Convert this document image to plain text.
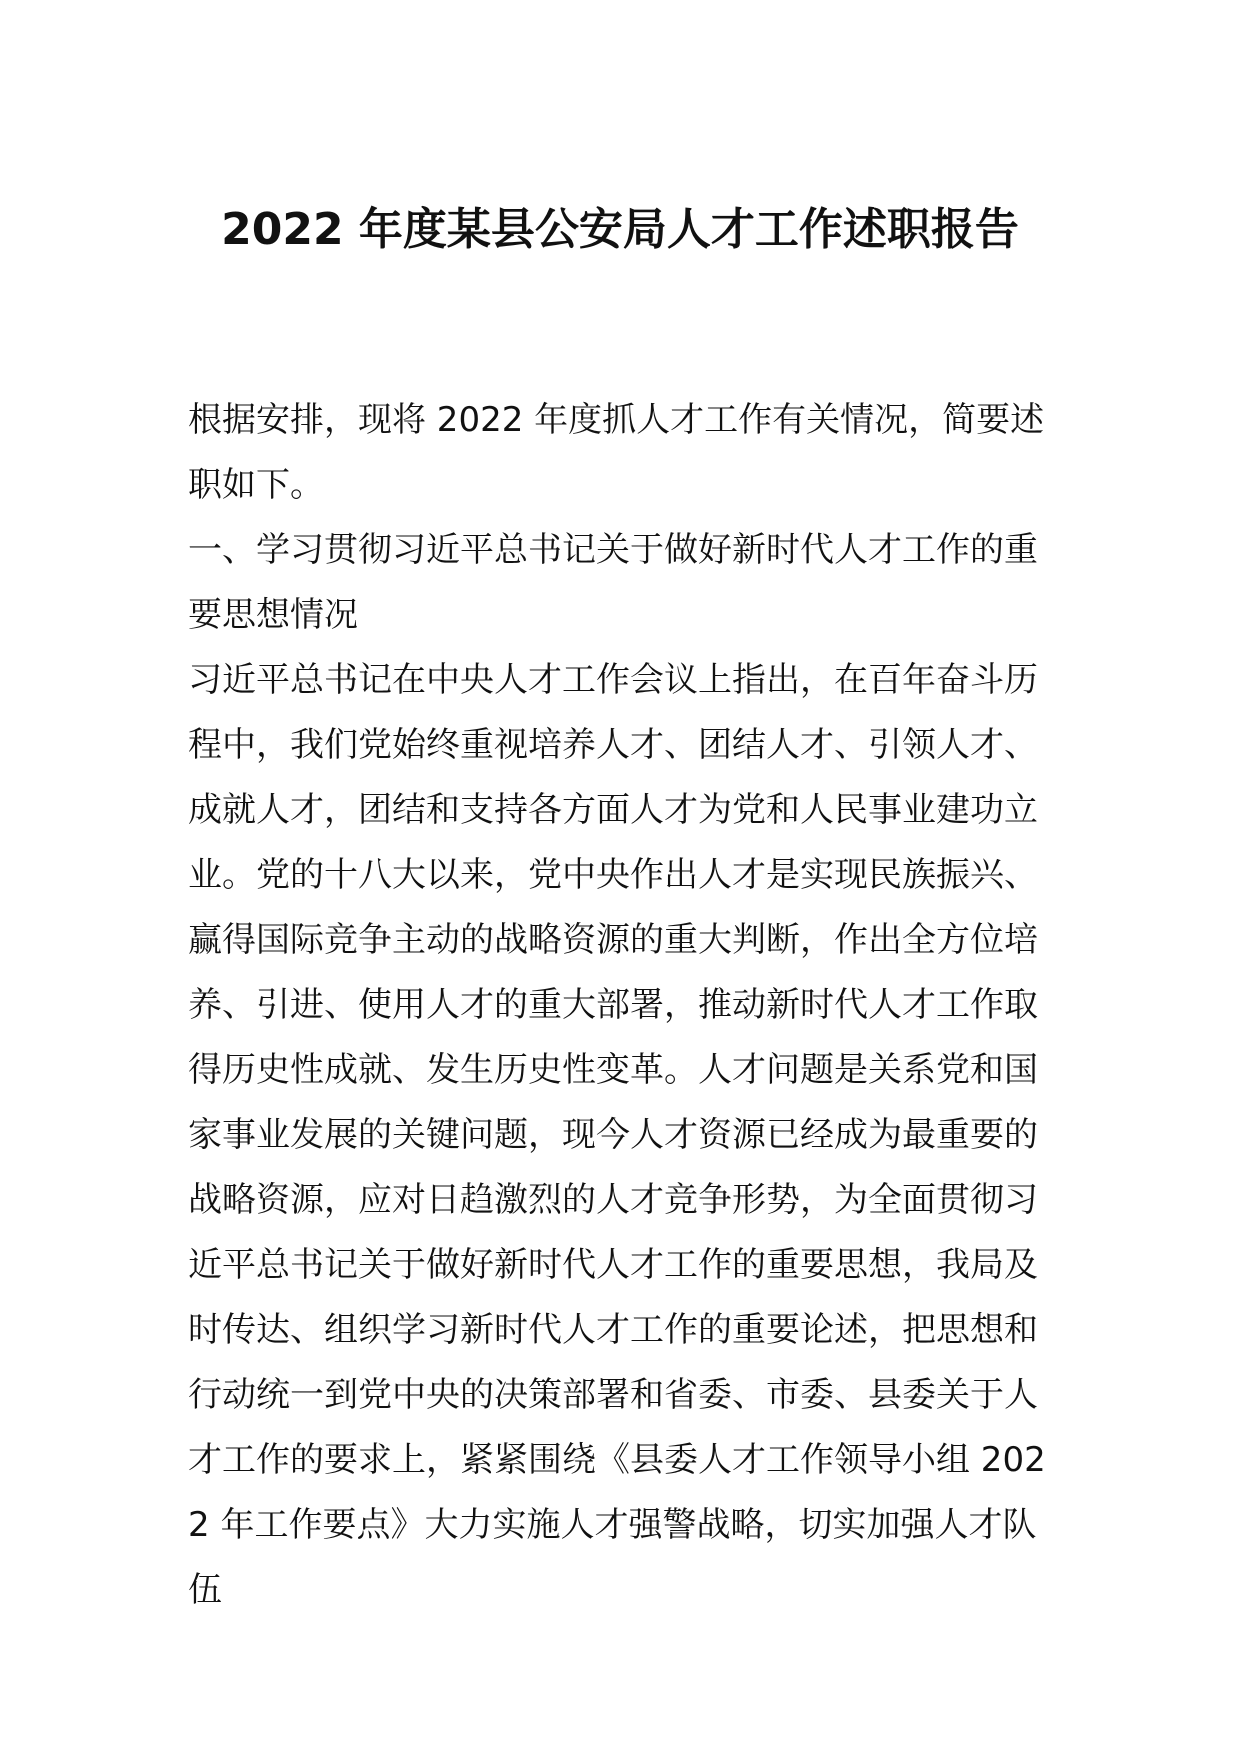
2022 年度某县公安局人才工作述职报告

根据安排，现将 2022 年度抓人才工作有关情况，简要述职如下。

一、学习贯彻习近平总书记关于做好新时代人才工作的重要思想情况

习近平总书记在中央人才工作会议上指出，在百年奋斗历程中，我们党始终重视培养人才、团结人才、引领人才、成就人才，团结和支持各方面人才为党和人民事业建功立业。党的十八大以来，党中央作出人才是实现民族振兴、赢得国际竞争主动的战略资源的重大判断，作出全方位培养、引进、使用人才的重大部署，推动新时代人才工作取得历史性成就、发生历史性变革。人才问题是关系党和国家事业发展的关键问题，现今人才资源已经成为最重要的战略资源，应对日趋激烈的人才竞争形势，为全面贯彻习近平总书记关于做好新时代人才工作的重要思想，我局及时传达、组织学习新时代人才工作的重要论述，把思想和行动统一到党中央的决策部署和省委、市委、县委关于人才工作的要求上，紧紧围绕《县委人才工作领导小组 2022 年工作要点》大力实施人才强警战略，切实加强人才队伍
